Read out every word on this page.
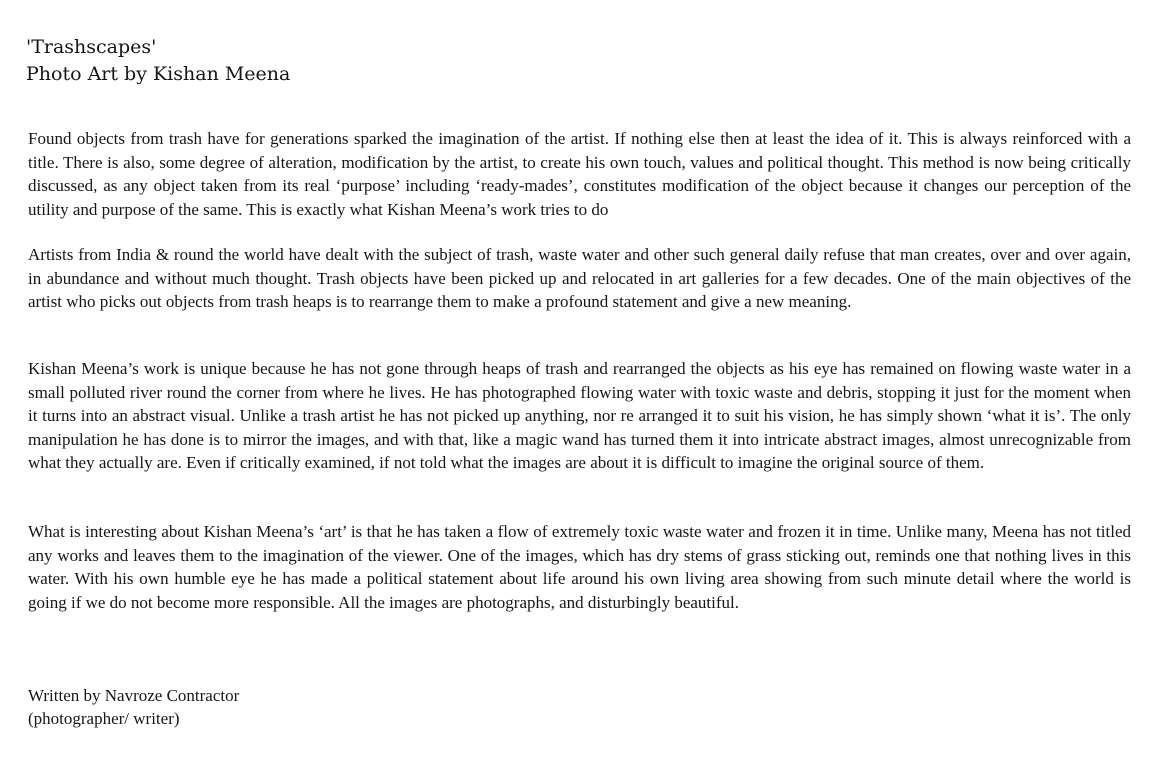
'Trashscapes'
Photo Art by Kishan Meena
Found objects from trash have for generations sparked the imagination of the artist. If nothing else then at least the idea of it. This is always reinforced with a title. There is also, some degree of alteration, modification by the artist, to create his own touch, values and political thought. This method is now being critically discussed, as any object taken from its real ‘purpose’ including ‘ready-mades’, constitutes modification of the object because it changes our perception of the utility and purpose of the same. This is exactly what Kishan Meena’s work tries to do
Artists from India & round the world have dealt with the subject of trash, waste water and other such general daily refuse that man creates, over and over again, in abundance and without much thought. Trash objects have been picked up and relocated in art galleries for a few decades. One of the main objectives of the artist who picks out objects from trash heaps is to rearrange them to make a profound statement and give a new meaning.
Kishan Meena’s work is unique because he has not gone through heaps of trash and rearranged the objects as his eye has remained on flowing waste water in a small polluted river round the corner from where he lives. He has photographed flowing water with toxic waste and debris, stopping it just for the moment when it turns into an abstract visual. Unlike a trash artist he has not picked up anything, nor re arranged it to suit his vision, he has simply shown ‘what it is’. The only manipulation he has done is to mirror the images, and with that, like a magic wand has turned them it into intricate abstract images, almost unrecognizable from what they actually are. Even if critically examined, if not told what the images are about it is difficult to imagine the original source of them.
What is interesting about Kishan Meena’s ‘art’ is that he has taken a flow of extremely toxic waste water and frozen it in time. Unlike many, Meena has not titled any works and leaves them to the imagination of the viewer. One of the images, which has dry stems of grass sticking out, reminds one that nothing lives in this water. With his own humble eye he has made a political statement about life around his own living area showing from such minute detail where the world is going if we do not become more responsible. All the images are photographs, and disturbingly beautiful.
Written by Navroze Contractor
(photographer/ writer)
